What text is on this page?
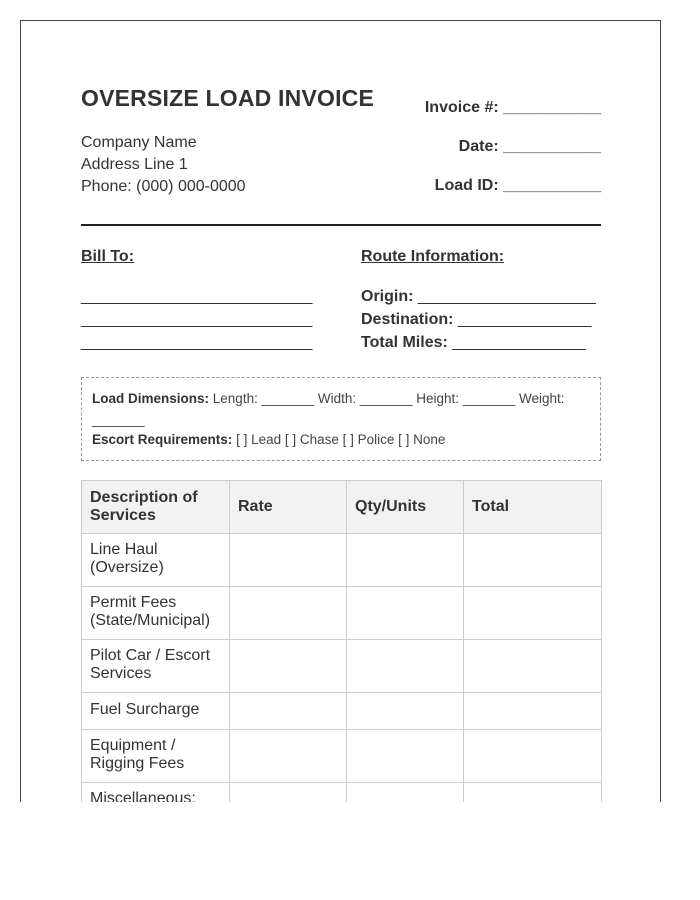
OVERSIZE LOAD INVOICE
Company Name
Address Line 1
Phone: (000) 000-0000
Invoice #: ___________
Date: ___________
Load ID: ___________
Bill To:	Route Information:
__________________________
__________________________
__________________________
Origin: ____________________
Destination: _______________
Total Miles: _______________
Load Dimensions: Length: _______ Width: _______ Height: _______ Weight: _______
Escort Requirements: [ ] Lead [ ] Chase [ ] Police [ ] None
Description of Services	Rate	Qty/Units	Total
Line Haul (Oversize)			
Permit Fees (State/Municipal)			
Pilot Car / Escort Services			
Fuel Surcharge			
Equipment / Rigging Fees			
Miscellaneous:			
